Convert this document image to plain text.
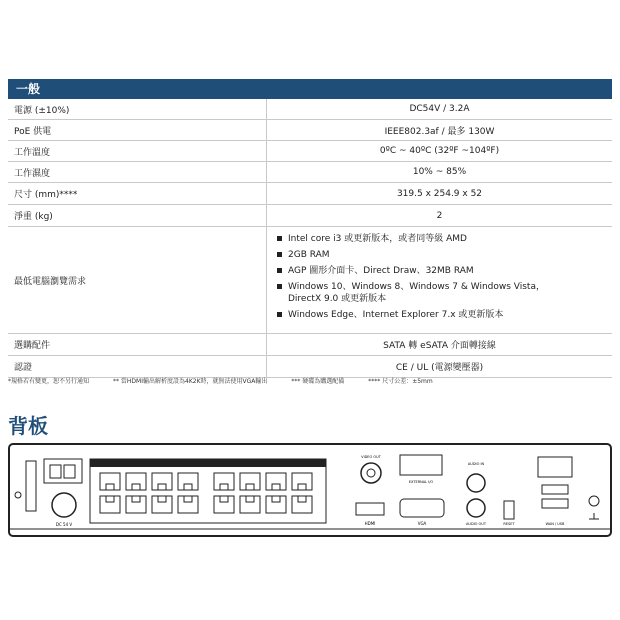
一般
電源 (±10%)	DC54V / 3.2A
PoE 供電	IEEE802.3af / 最多 130W
工作溫度	0ºC ~ 40ºC (32ºF ~104ºF)
工作濕度	10% ~ 85%
尺寸 (mm)****	319.5 x 254.9 x 52
淨重 (kg)	2
最低電腦瀏覽需求
Intel core i3 或更新版本，或者同等級 AMD
2GB RAM
AGP 圖形介面卡、Direct Draw、32MB RAM
Windows 10、Windows 8、Windows 7 & Windows Vista，
DirectX 9.0 或更新版本
Windows Edge、Internet Explorer 7.x 或更新版本
選購配件	SATA 轉 eSATA 介面轉接線
認證	CE / UL (電源變壓器)
*規格若有變更，恕不另行通知	** 當HDMI輸出解析度設為4K2K時，就無法使用VGA輸出	*** 硬碟為購選配備	**** 尺寸公差：±5mm
背板
DC 54 V
VIDEO OUT
EXTERNAL I/O
HDMI	VGA
AUDIO IN
AUDIO OUT	RESET	WAN / USB
